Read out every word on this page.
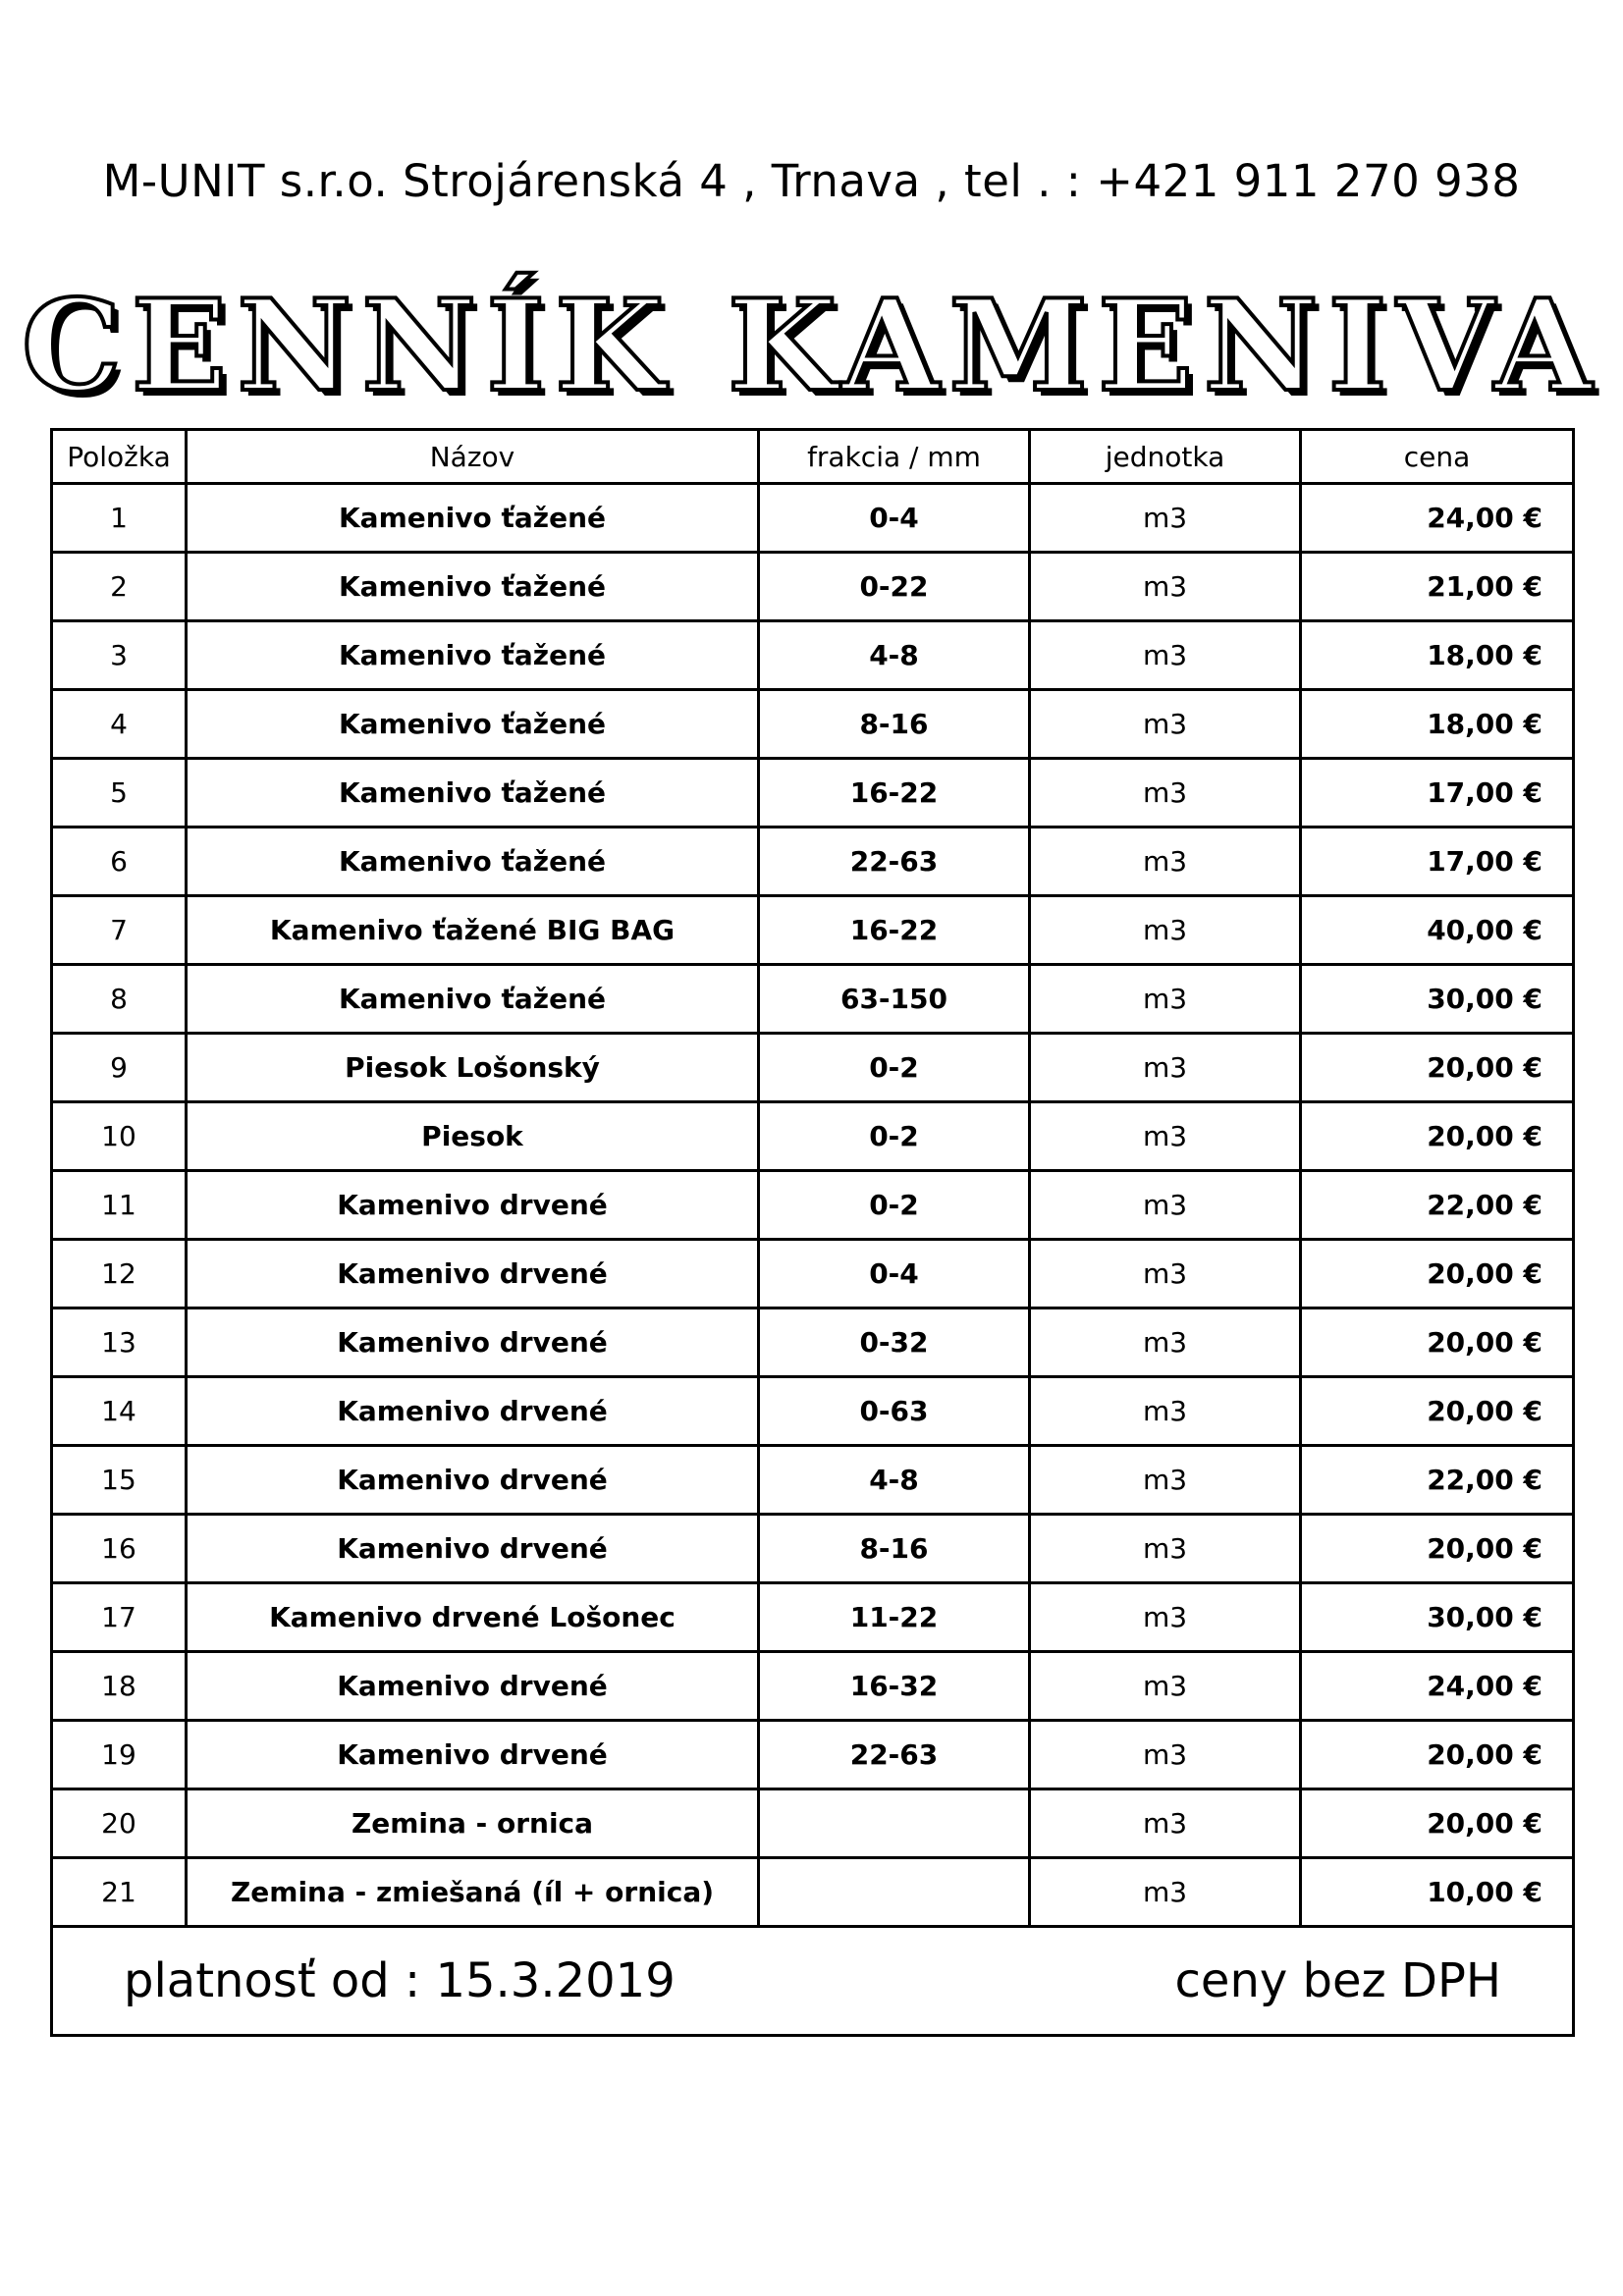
M-UNIT s.r.o. Strojárenská 4 , Trnava , tel . : +421 911 270 938
CENNÍK KAMENIVA
Položka	Názov	frakcia / mm	jednotka	cena
1	Kamenivo ťažené	0-4	m3	24,00 €
2	Kamenivo ťažené	0-22	m3	21,00 €
3	Kamenivo ťažené	4-8	m3	18,00 €
4	Kamenivo ťažené	8-16	m3	18,00 €
5	Kamenivo ťažené	16-22	m3	17,00 €
6	Kamenivo ťažené	22-63	m3	17,00 €
7	Kamenivo ťažené BIG BAG	16-22	m3	40,00 €
8	Kamenivo ťažené	63-150	m3	30,00 €
9	Piesok Lošonský	0-2	m3	20,00 €
10	Piesok	0-2	m3	20,00 €
11	Kamenivo drvené	0-2	m3	22,00 €
12	Kamenivo drvené	0-4	m3	20,00 €
13	Kamenivo drvené	0-32	m3	20,00 €
14	Kamenivo drvené	0-63	m3	20,00 €
15	Kamenivo drvené	4-8	m3	22,00 €
16	Kamenivo drvené	8-16	m3	20,00 €
17	Kamenivo drvené Lošonec	11-22	m3	30,00 €
18	Kamenivo drvené	16-32	m3	24,00 €
19	Kamenivo drvené	22-63	m3	20,00 €
20	Zemina - ornica		m3	20,00 €
21	Zemina - zmiešaná (íl + ornica)		m3	10,00 €

platnosť od : 15.3.2019 ceny bez DPH				
